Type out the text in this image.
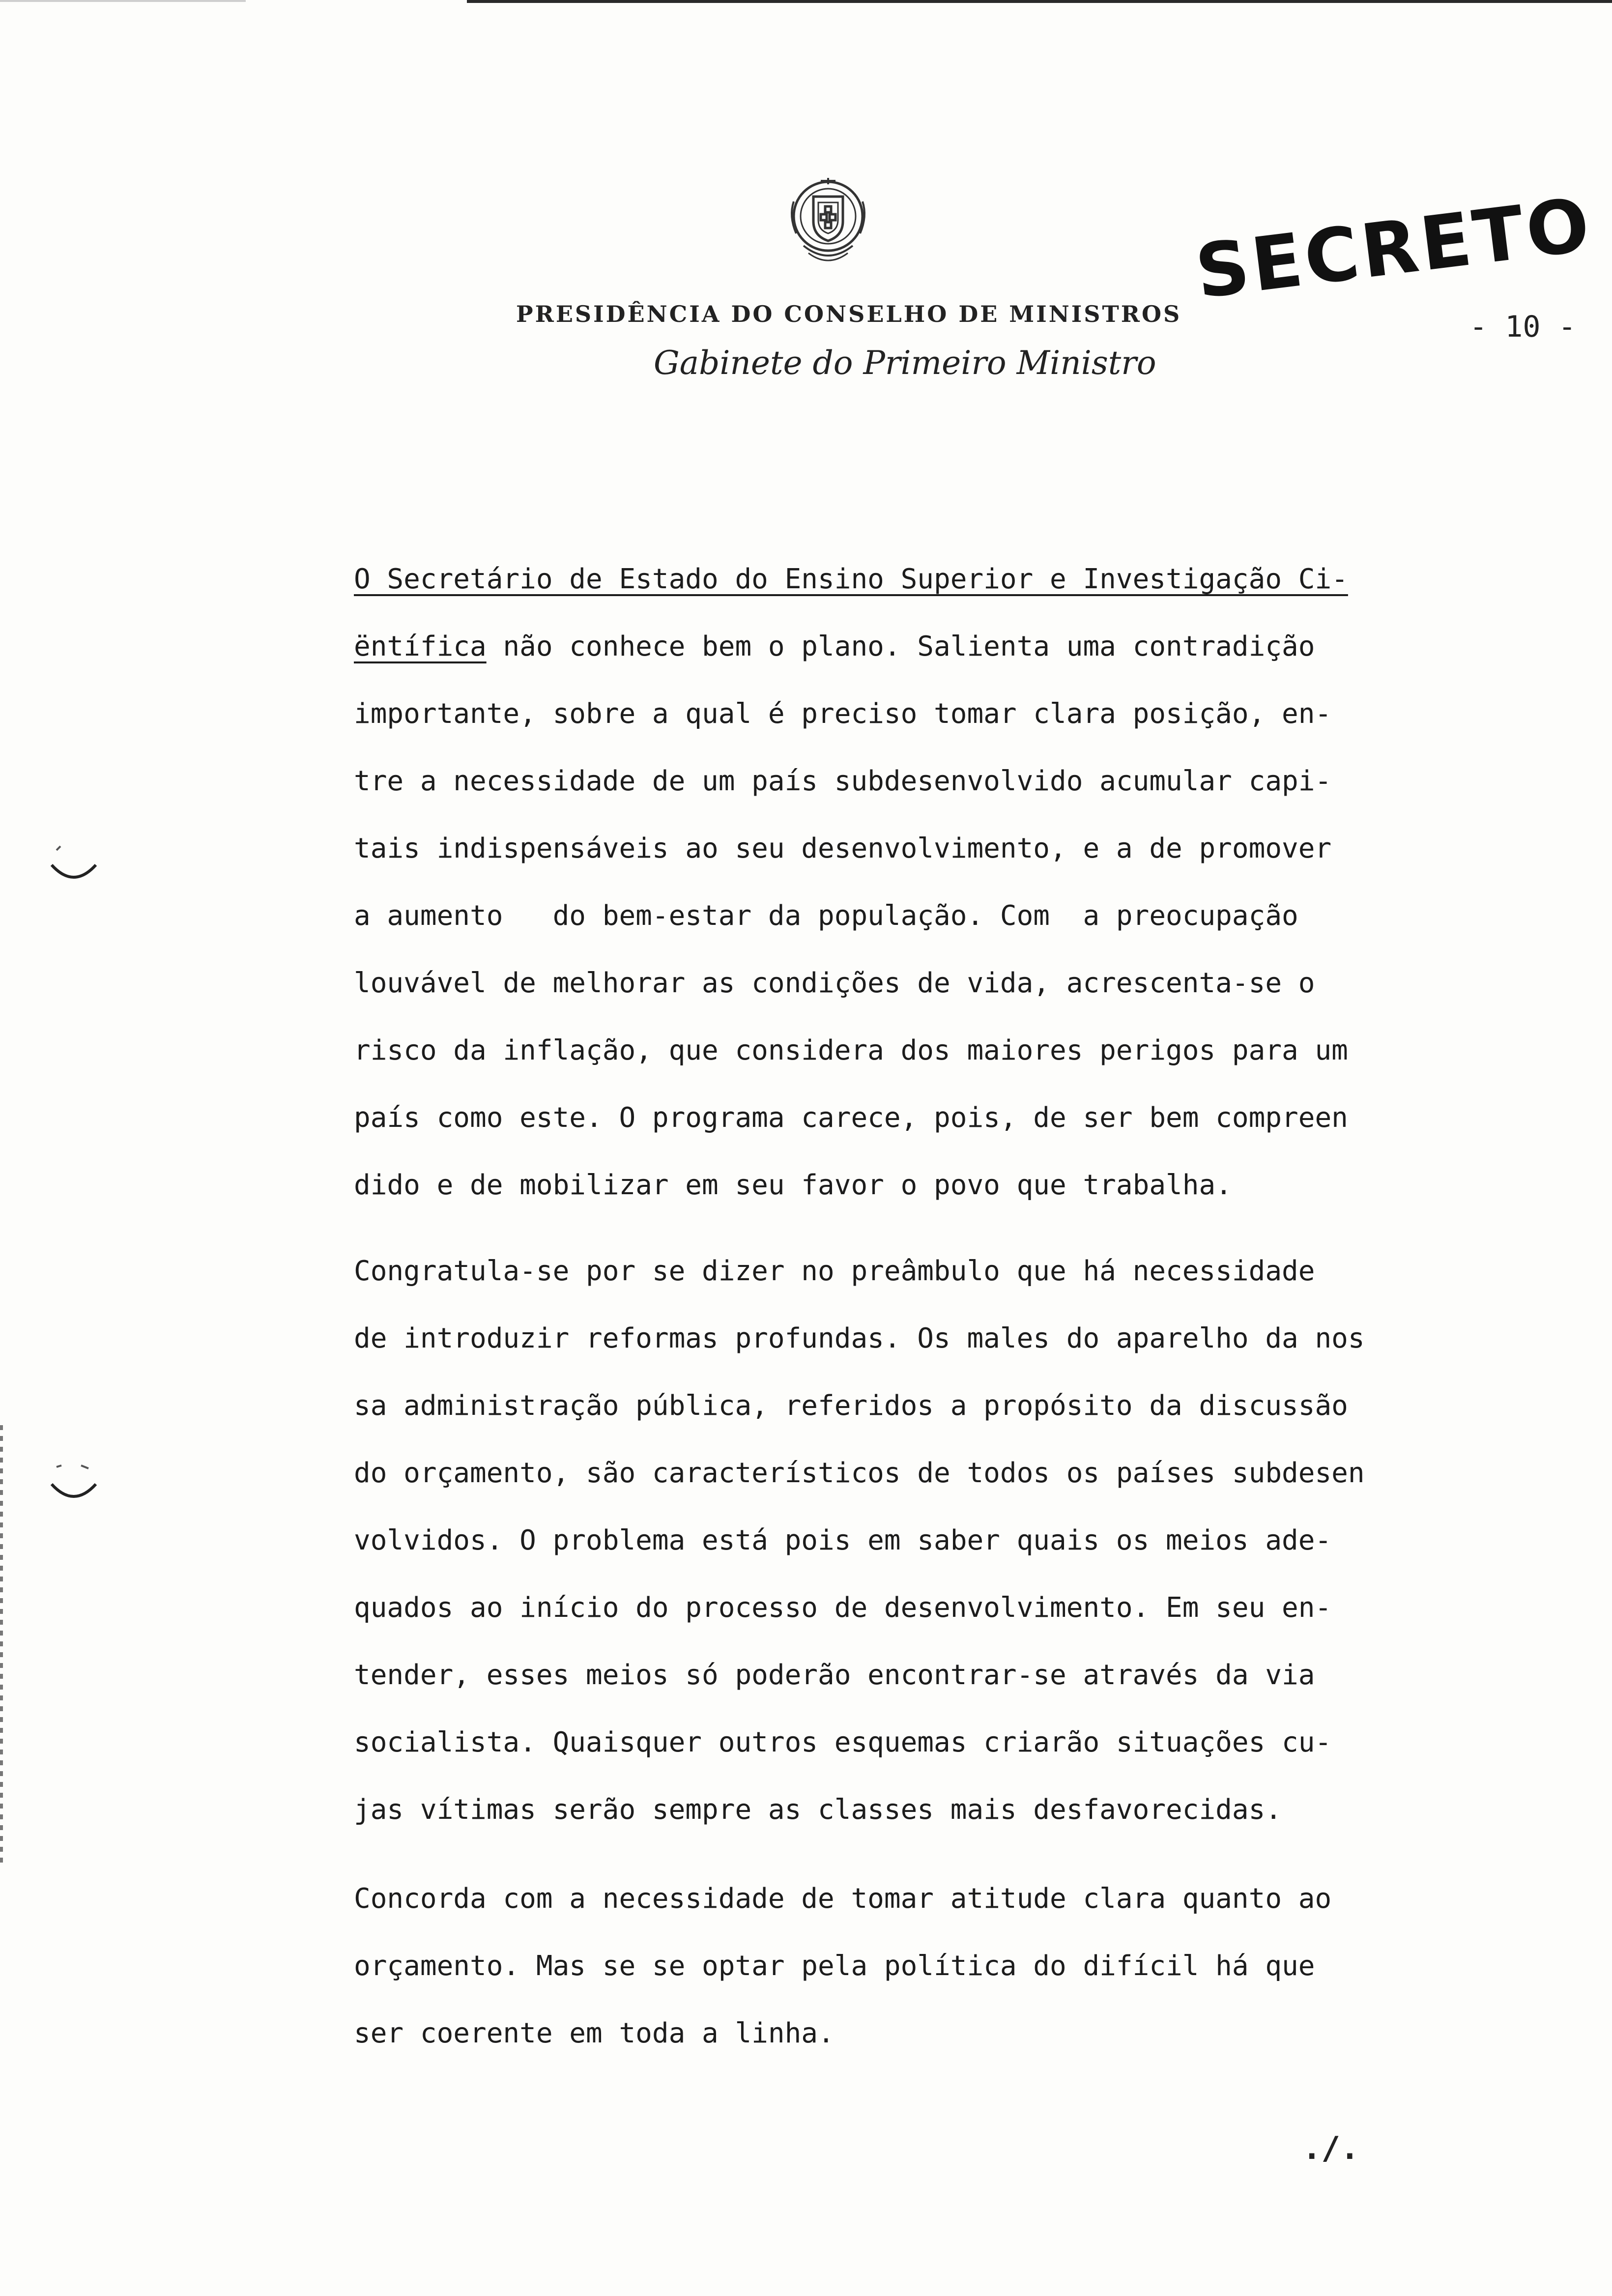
SECRETO
PRESIDÊNCIA DO CONSELHO DE MINISTROS
Gabinete do Primeiro Ministro
- 10 -
O Secretário de Estado do Ensino Superior e Investigação Ci-
ëntífica não conhece bem o plano. Salienta uma contradição
importante, sobre a qual é preciso tomar clara posição, en-
tre a necessidade de um país subdesenvolvido acumular capi-
tais indispensáveis ao seu desenvolvimento, e a de promover
a aumento   do bem-estar da população. Com  a preocupação
louvável de melhorar as condições de vida, acrescenta-se o
risco da inflação, que considera dos maiores perigos para um
país como este. O programa carece, pois, de ser bem compreen
dido e de mobilizar em seu favor o povo que trabalha.
Congratula-se por se dizer no preâmbulo que há necessidade
de introduzir reformas profundas. Os males do aparelho da nos
sa administração pública, referidos a propósito da discussão
do orçamento, são característicos de todos os países subdesen
volvidos. O problema está pois em saber quais os meios ade-
quados ao início do processo de desenvolvimento. Em seu en-
tender, esses meios só poderão encontrar-se através da via
socialista. Quaisquer outros esquemas criarão situações cu-
jas vítimas serão sempre as classes mais desfavorecidas.
Concorda com a necessidade de tomar atitude clara quanto ao
orçamento. Mas se se optar pela política do difícil há que
ser coerente em toda a linha.
./.
